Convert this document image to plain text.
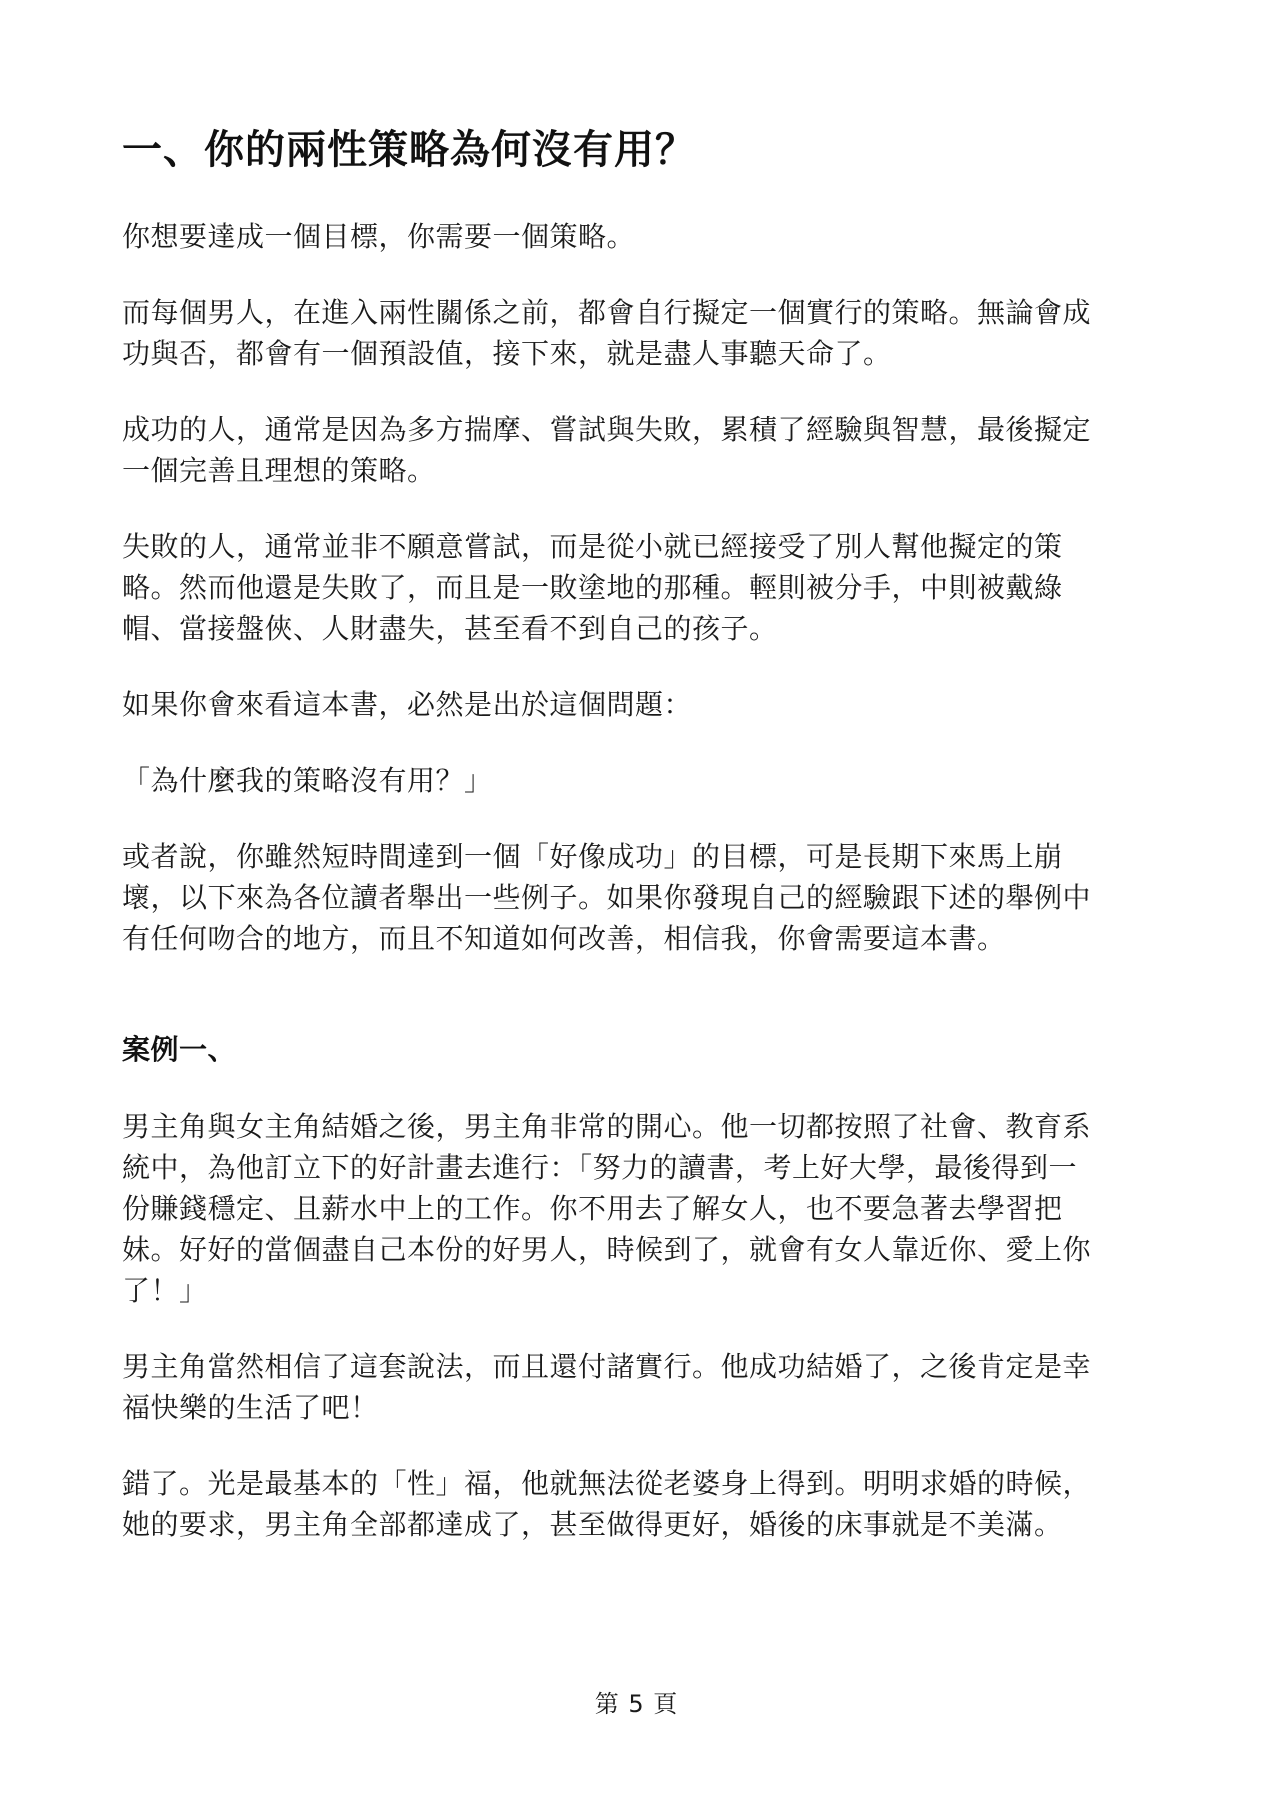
一、你的兩性策略為何沒有用？

你想要達成一個目標，你需要一個策略。

而每個男人，在進入兩性關係之前，都會自行擬定一個實行的策略。無論會成
功與否，都會有一個預設值，接下來，就是盡人事聽天命了。

成功的人，通常是因為多方揣摩、嘗試與失敗，累積了經驗與智慧，最後擬定
一個完善且理想的策略。

失敗的人，通常並非不願意嘗試，而是從小就已經接受了別人幫他擬定的策
略。然而他還是失敗了，而且是一敗塗地的那種。輕則被分手，中則被戴綠
帽、當接盤俠、人財盡失，甚至看不到自己的孩子。

如果你會來看這本書，必然是出於這個問題：

「為什麼我的策略沒有用？」

或者說，你雖然短時間達到一個「好像成功」的目標，可是長期下來馬上崩
壞，以下來為各位讀者舉出一些例子。如果你發現自己的經驗跟下述的舉例中
有任何吻合的地方，而且不知道如何改善，相信我，你會需要這本書。

案例一、

男主角與女主角結婚之後，男主角非常的開心。他一切都按照了社會、教育系
統中，為他訂立下的好計畫去進行：「努力的讀書，考上好大學，最後得到一
份賺錢穩定、且薪水中上的工作。你不用去了解女人，也不要急著去學習把
妹。好好的當個盡自己本份的好男人，時候到了，就會有女人靠近你、愛上你
了！」

男主角當然相信了這套說法，而且還付諸實行。他成功結婚了，之後肯定是幸
福快樂的生活了吧！

錯了。光是最基本的「性」福，他就無法從老婆身上得到。明明求婚的時候，
她的要求，男主角全部都達成了，甚至做得更好，婚後的床事就是不美滿。

第 5 頁
